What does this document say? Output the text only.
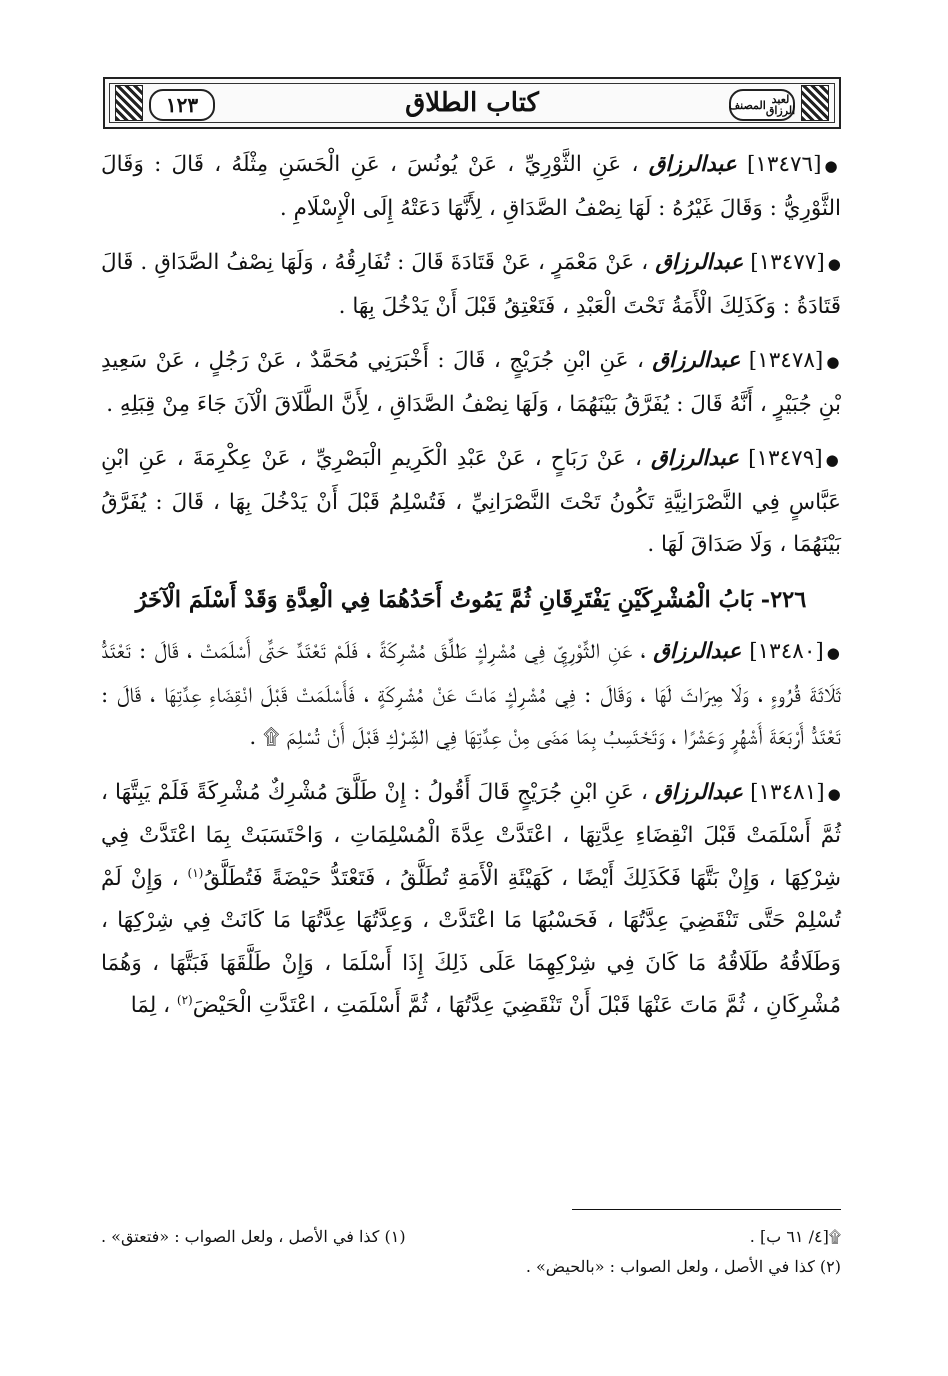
١٢٣	كتاب الطلاق	المصنف لعبد الرزاق

●[١٣٤٧٦] عبدالرزاق ، عَنِ الثَّوْرِيِّ ، عَنْ يُونُسَ ، عَنِ الْحَسَنِ مِثْلَهُ ، قَالَ : وَقَالَ الثَّوْرِيُّ : وَقَالَ غَيْرُهُ : لَهَا نِصْفُ الصَّدَاقِ ، لِأَنَّهَا دَعَتْهُ إِلَى الْإِسْلَامِ .

●[١٣٤٧٧] عبدالرزاق ، عَنْ مَعْمَرٍ ، عَنْ قَتَادَةَ قَالَ : تُفَارِقُهُ ، وَلَهَا نِصْفُ الصَّدَاقِ . قَالَ قَتَادَةُ : وَكَذَلِكَ الْأَمَةُ تَحْتَ الْعَبْدِ ، فَتَعْتِقُ قَبْلَ أَنْ يَدْخُلَ بِهَا .

●[١٣٤٧٨] عبدالرزاق ، عَنِ ابْنِ جُرَيْجٍ ، قَالَ : أَخْبَرَنِي مُحَمَّدٌ ، عَنْ رَجُلٍ ، عَنْ سَعِيدِ بْنِ جُبَيْرٍ ، أَنَّهُ قَالَ : يُفَرَّقُ بَيْنَهُمَا ، وَلَهَا نِصْفُ الصَّدَاقِ ، لِأَنَّ الطَّلَاقَ الْآنَ جَاءَ مِنْ قِبَلِهِ .

●[١٣٤٧٩] عبدالرزاق ، عَنْ رَبَاحٍ ، عَنْ عَبْدِ الْكَرِيمِ الْبَصْرِيِّ ، عَنْ عِكْرِمَةَ ، عَنِ ابْنِ عَبَّاسٍ فِي النَّصْرَانِيَّةِ تَكُونُ تَحْتَ النَّصْرَانِيِّ ، فَتُسْلِمُ قَبْلَ أَنْ يَدْخُلَ بِهَا ، قَالَ : يُفَرَّقُ بَيْنَهُمَا ، وَلَا صَدَاقَ لَهَا .

٢٢٦- بَابُ الْمُشْرِكَيْنِ يَفْتَرِقَانِ ثُمَّ يَمُوتُ أَحَدُهُمَا فِي الْعِدَّةِ وَقَدْ أَسْلَمَ الْآخَرُ

●[١٣٤٨٠] عبدالرزاق ، عَنِ الثَّوْرِيِّ فِي مُشْرِكٍ طَلَّقَ مُشْرِكَةً ، فَلَمْ تَعْتَدَّ حَتَّى أَسْلَمَتْ ، قَالَ : تَعْتَدُّ ثَلَاثَةَ قُرُوءٍ ، وَلَا مِيرَاثَ لَهَا ، وَقَالَ : فِي مُشْرِكٍ مَاتَ عَنْ مُشْرِكَةٍ ، فَأَسْلَمَتْ قَبْلَ انْقِضَاءِ عِدَّتِهَا ، قَالَ : تَعْتَدُّ أَرْبَعَةَ أَشْهُرٍ وَعَشْرًا ، وَتَحْتَسِبُ بِمَا مَضَى مِنْ عِدَّتِهَا فِي الشِّرْكِ قَبْلَ أَنْ تُسْلِمَ ۩ .

●[١٣٤٨١] عبدالرزاق ، عَنِ ابْنِ جُرَيْجٍ قَالَ أَقُولُ : إِنْ طَلَّقَ مُشْرِكٌ مُشْرِكَةً فَلَمْ يَبِتَّهَا ، ثُمَّ أَسْلَمَتْ قَبْلَ انْقِضَاءِ عِدَّتِهَا ، اعْتَدَّتْ عِدَّةَ الْمُسْلِمَاتِ ، وَاحْتَسَبَتْ بِمَا اعْتَدَّتْ فِي شِرْكِهَا ، وَإِنْ بَتَّهَا فَكَذَلِكَ أَيْضًا ، كَهَيْئَةِ الْأَمَةِ تُطَلَّقُ ، فَتَعْتَدُّ حَيْضَةً فَتُطَلَّقُ$^{(١)}$ ، وَإِنْ لَمْ تُسْلِمْ حَتَّى تَنْقَضِيَ عِدَّتُهَا ، فَحَسْبُهَا مَا اعْتَدَّتْ ، وَعِدَّتُهَا عِدَّتُهَا مَا كَانَتْ فِي شِرْكِهَا ، وَطَلَاقُهُ طَلَاقُهُ مَا كَانَ فِي شِرْكِهِمَا عَلَى ذَلِكَ إِذَا أَسْلَمَا ، وَإِنْ طَلَّقَهَا فَبَتَّهَا ، وَهُمَا مُشْرِكَانِ ، ثُمَّ مَاتَ عَنْهَا قَبْلَ أَنْ تَنْقَضِيَ عِدَّتُهَا ، ثُمَّ أَسْلَمَتِ ، اعْتَدَّتِ الْحَيْضَ$^{(٢)}$ ، لِمَا

۩[٤/ ٦١ ب] .
(١) كذا في الأصل ، ولعل الصواب : «فتعتق» .
(٢) كذا في الأصل ، ولعل الصواب : «بالحيض» .
